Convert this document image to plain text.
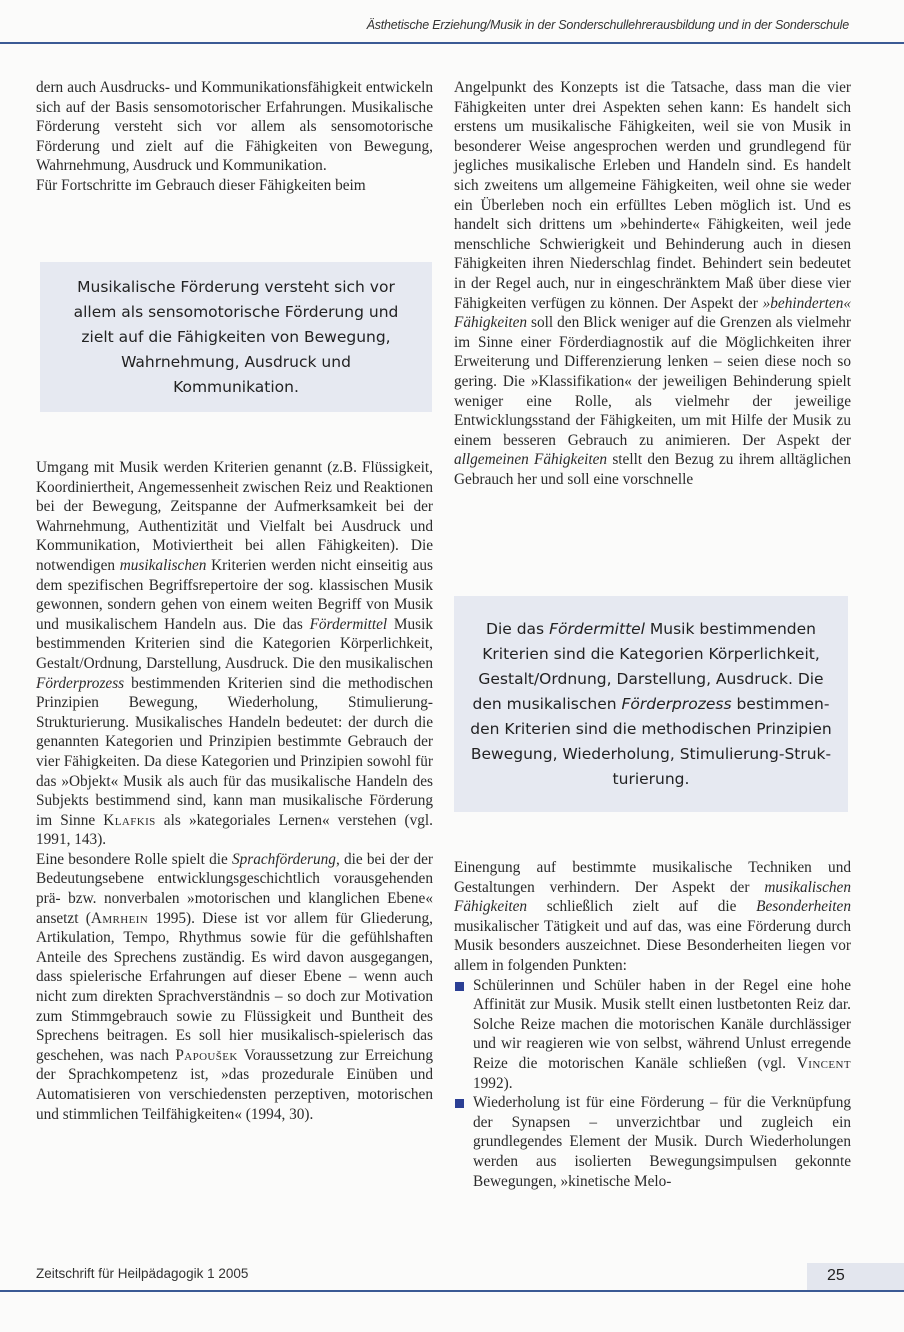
Ästhetische Erziehung/Musik in der Sonderschullehrerausbildung und in der Sonderschule

dern auch Ausdrucks- und Kommunikationsfähigkeit entwickeln sich auf der Basis sensomotorischer Erfahrungen. Musikalische Förderung versteht sich vor allem als sensomotorische Förderung und zielt auf die Fähigkeiten von Bewegung, Wahrnehmung, Ausdruck und Kommunikation.

Für Fortschritte im Gebrauch dieser Fähigkeiten beim

Musikalische Förderung versteht sich vor allem als sensomotorische Förderung und zielt auf die Fähigkeiten von Bewegung, Wahrnehmung, Ausdruck und Kommunikation.

Umgang mit Musik werden Kriterien genannt (z.B. Flüssigkeit, Koordiniertheit, Angemessenheit zwischen Reiz und Reaktionen bei der Bewegung, Zeitspanne der Aufmerksamkeit bei der Wahrnehmung, Authentizität und Vielfalt bei Ausdruck und Kommunikation, Motiviertheit bei allen Fähigkeiten). Die notwendigen musikalischen Kriterien werden nicht einseitig aus dem spezifischen Begriffsrepertoire der sog. klassischen Musik gewonnen, sondern gehen von einem weiten Begriff von Musik und musikalischem Handeln aus. Die das Fördermittel Musik bestimmenden Kriterien sind die Kategorien Körperlichkeit, Gestalt/Ordnung, Darstellung, Ausdruck. Die den musikalischen Förderprozess bestimmenden Kriterien sind die methodischen Prinzipien Bewegung, Wiederholung, Stimulierung-Strukturierung. Musikalisches Handeln bedeutet: der durch die genannten Kategorien und Prinzipien bestimmte Gebrauch der vier Fähigkeiten. Da diese Kategorien und Prinzipien sowohl für das »Objekt« Musik als auch für das musikalische Handeln des Subjekts bestimmend sind, kann man musikalische Förderung im Sinne Klafkis als »kategoriales Lernen« verstehen (vgl. 1991, 143).

Eine besondere Rolle spielt die Sprachförderung, die bei der der Bedeutungsebene entwicklungsgeschichtlich vorausgehenden prä- bzw. nonverbalen »motorischen und klanglichen Ebene« ansetzt (Amrhein 1995). Diese ist vor allem für Gliederung, Artikulation, Tempo, Rhythmus sowie für die gefühlshaften Anteile des Sprechens zuständig. Es wird davon ausgegangen, dass spielerische Erfahrungen auf dieser Ebene – wenn auch nicht zum direkten Sprachverständnis – so doch zur Motivation zum Stimmgebrauch sowie zu Flüssigkeit und Buntheit des Sprechens beitragen. Es soll hier musikalisch-spielerisch das geschehen, was nach Papoušek Voraussetzung zur Erreichung der Sprachkompetenz ist, »das prozedurale Einüben und Automatisieren von verschiedensten perzeptiven, motorischen und stimmlichen Teilfähigkeiten« (1994, 30).

Angelpunkt des Konzepts ist die Tatsache, dass man die vier Fähigkeiten unter drei Aspekten sehen kann: Es handelt sich erstens um musikalische Fähigkeiten, weil sie von Musik in besonderer Weise angesprochen werden und grundlegend für jegliches musikalische Erleben und Handeln sind. Es handelt sich zweitens um allgemeine Fähigkeiten, weil ohne sie weder ein Überleben noch ein erfülltes Leben möglich ist. Und es handelt sich drittens um »behinderte« Fähigkeiten, weil jede menschliche Schwierigkeit und Behinderung auch in diesen Fähigkeiten ihren Niederschlag findet. Behindert sein bedeutet in der Regel auch, nur in eingeschränktem Maß über diese vier Fähigkeiten verfügen zu können. Der Aspekt der »behinderten« Fähigkeiten soll den Blick weniger auf die Grenzen als vielmehr im Sinne einer Förderdiagnostik auf die Möglichkeiten ihrer Erweiterung und Differenzierung lenken – seien diese noch so gering. Die »Klassifikation« der jeweiligen Behinderung spielt weniger eine Rolle, als vielmehr der jeweilige Entwicklungsstand der Fähigkeiten, um mit Hilfe der Musik zu einem besseren Gebrauch zu animieren. Der Aspekt der allgemeinen Fähigkeiten stellt den Bezug zu ihrem alltäglichen Gebrauch her und soll eine vorschnelle

Die das Fördermittel Musik bestimmenden Kriterien sind die Kategorien Körperlichkeit, Gestalt/Ordnung, Darstellung, Ausdruck. Die den musikalischen Förderprozess bestimmenden Kriterien sind die methodischen Prinzipien Bewegung, Wiederholung, Stimulierung-Strukturierung.

Einengung auf bestimmte musikalische Techniken und Gestaltungen verhindern. Der Aspekt der musikalischen Fähigkeiten schließlich zielt auf die Besonderheiten musikalischer Tätigkeit und auf das, was eine Förderung durch Musik besonders auszeichnet. Diese Besonderheiten liegen vor allem in folgenden Punkten:

Schülerinnen und Schüler haben in der Regel eine hohe Affinität zur Musik. Musik stellt einen lustbetonten Reiz dar. Solche Reize machen die motorischen Kanäle durchlässiger und wir reagieren wie von selbst, während Unlust erregende Reize die motorischen Kanäle schließen (vgl. Vincent 1992).
Wiederholung ist für eine Förderung – für die Verknüpfung der Synapsen – unverzichtbar und zugleich ein grundlegendes Element der Musik. Durch Wiederholungen werden aus isolierten Bewegungsimpulsen gekonnte Bewegungen, »kinetische Melo-
Zeitschrift für Heilpädagogik 1 2005	25
